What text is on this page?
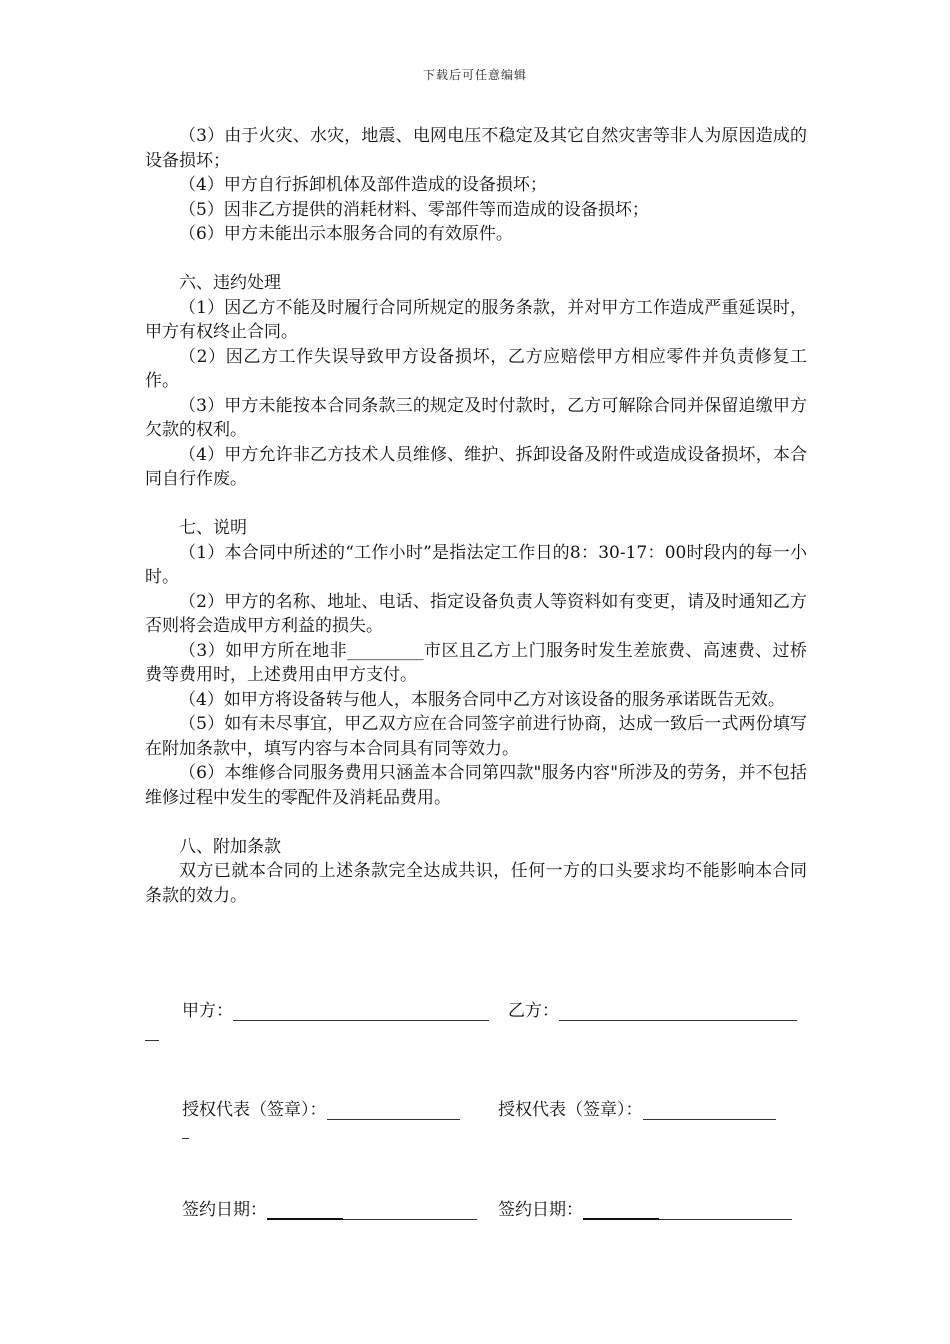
下载后可任意编辑

（3）由于火灾、水灾，地震、电网电压不稳定及其它自然灾害等非人为原因造成的设备损坏；

（4）甲方自行拆卸机体及部件造成的设备损坏；

（5）因非乙方提供的消耗材料、零部件等而造成的设备损坏；

（6）甲方未能出示本服务合同的有效原件。

六、违约处理

（1）因乙方不能及时履行合同所规定的服务条款，并对甲方工作造成严重延误时，甲方有权终止合同。

（2）因乙方工作失误导致甲方设备损坏，乙方应赔偿甲方相应零件并负责修复工作。

（3）甲方未能按本合同条款三的规定及时付款时，乙方可解除合同并保留追缴甲方欠款的权利。

（4）甲方允许非乙方技术人员维修、维护、拆卸设备及附件或造成设备损坏，本合同自行作废。

七、说明

（1）本合同中所述的“工作小时”是指法定工作日的8：30-17：00时段内的每一小时。

（2）甲方的名称、地址、电话、指定设备负责人等资料如有变更，请及时通知乙方否则将会造成甲方利益的损失。

（3）如甲方所在地非_________市区且乙方上门服务时发生差旅费、高速费、过桥费等费用时，上述费用由甲方支付。

（4）如甲方将设备转与他人，本服务合同中乙方对该设备的服务承诺既告无效。

（5）如有未尽事宜，甲乙双方应在合同签字前进行协商，达成一致后一式两份填写在附加条款中，填写内容与本合同具有同等效力。

（6）本维修合同服务费用只涵盖本合同第四款"服务内容"所涉及的劳务，并不包括维修过程中发生的零配件及消耗品费用。

八、附加条款

双方已就本合同的上述条款完全达成共识，任何一方的口头要求均不能影响本合同条款的效力。

甲方：	乙方：
授权代表（签章）：	授权代表（签章）：
签约日期：	签约日期：
